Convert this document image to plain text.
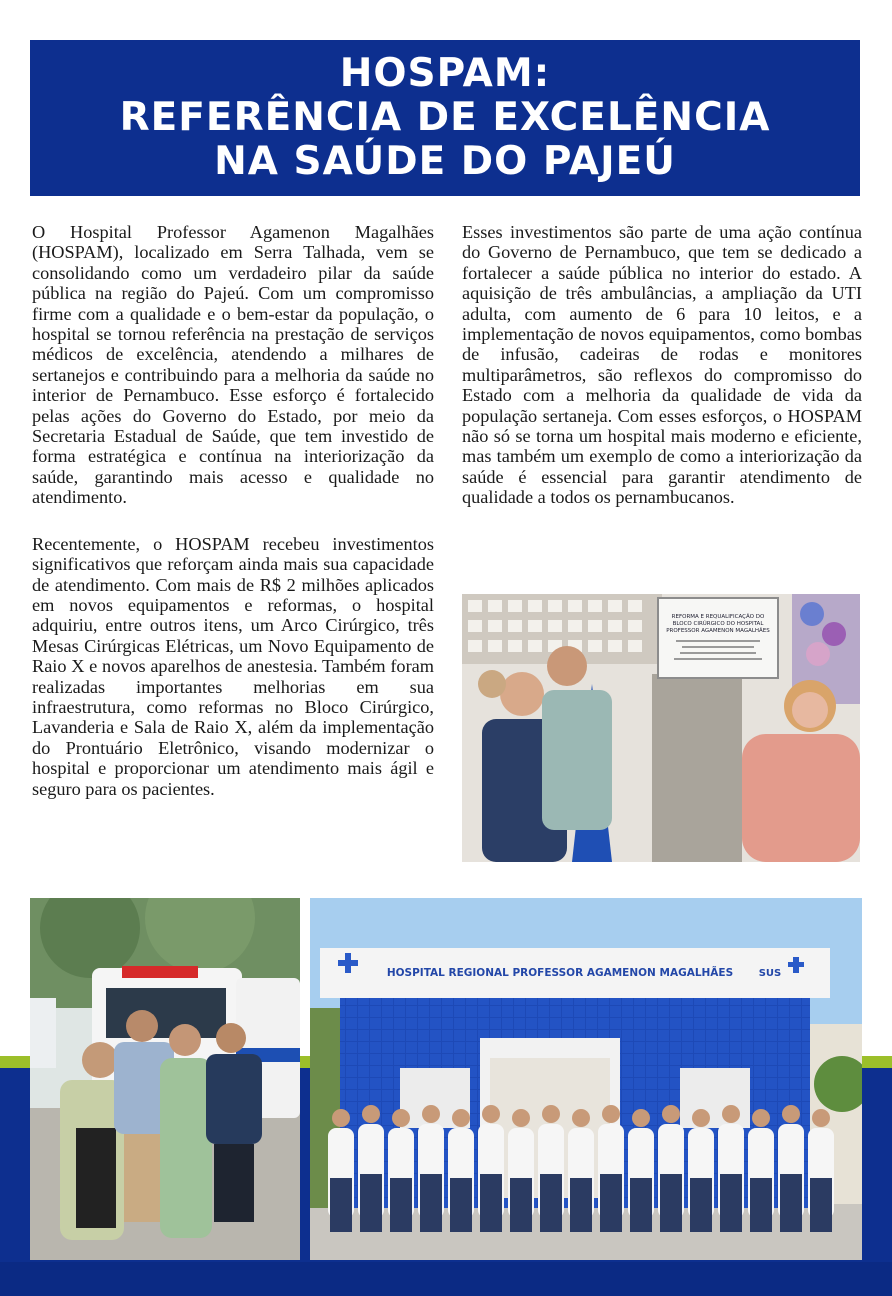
HOSPAM:
REFERÊNCIA DE EXCELÊNCIA
NA SAÚDE DO PAJEÚ

O Hospital Professor Agamenon Magalhães (HOSPAM), localizado em Serra Talhada, vem se consolidando como um verdadeiro pilar da saúde pública na região do Pajeú. Com um compromisso firme com a qualidade e o bem-estar da população, o hospital se tornou referência na prestação de serviços médicos de excelência, atendendo a milhares de sertanejos e contribuindo para a melhoria da saúde no interior de Pernambuco. Esse esforço é fortalecido pelas ações do Governo do Estado, por meio da Secretaria Estadual de Saúde, que tem investido de forma estratégica e contínua na interiorização da saúde, garantindo mais acesso e qualidade no atendimento.

Recentemente, o HOSPAM recebeu investimentos significativos que reforçam ainda mais sua capacidade de atendimento. Com mais de R$ 2 milhões aplicados em novos equipamentos e reformas, o hospital adquiriu, entre outros itens, um Arco Cirúrgico, três Mesas Cirúrgicas Elétricas, um Novo Equipamento de Raio X e novos aparelhos de anestesia. Também foram realizadas importantes melhorias em sua infraestrutura, como reformas no Bloco Cirúrgico, Lavanderia e Sala de Raio X, além da implementação do Prontuário Eletrônico, visando modernizar o hospital e proporcionar um atendimento mais ágil e seguro para os pacientes.

Esses investimentos são parte de uma ação contínua do Governo de Pernambuco, que tem se dedicado a fortalecer a saúde pública no interior do estado. A aquisição de três ambulâncias, a ampliação da UTI adulta, com aumento de 6 para 10 leitos, e a implementação de novos equipamentos, como bombas de infusão, cadeiras de rodas e monitores multiparâmetros, são reflexos do compromisso do Estado com a melhoria da qualidade de vida da população sertaneja. Com esses esforços, o HOSPAM não só se torna um hospital mais moderno e eficiente, mas também um exemplo de como a interiorização da saúde é essencial para garantir atendimento de qualidade a todos os pernambucanos.

REFORMA E REQUALIFICAÇÃO DO
BLOCO CIRÚRGICO DO HOSPITAL
PROFESSOR AGAMENON MAGALHÃES
HOSPITAL REGIONAL PROFESSOR AGAMENON MAGALHÃES	SUS
